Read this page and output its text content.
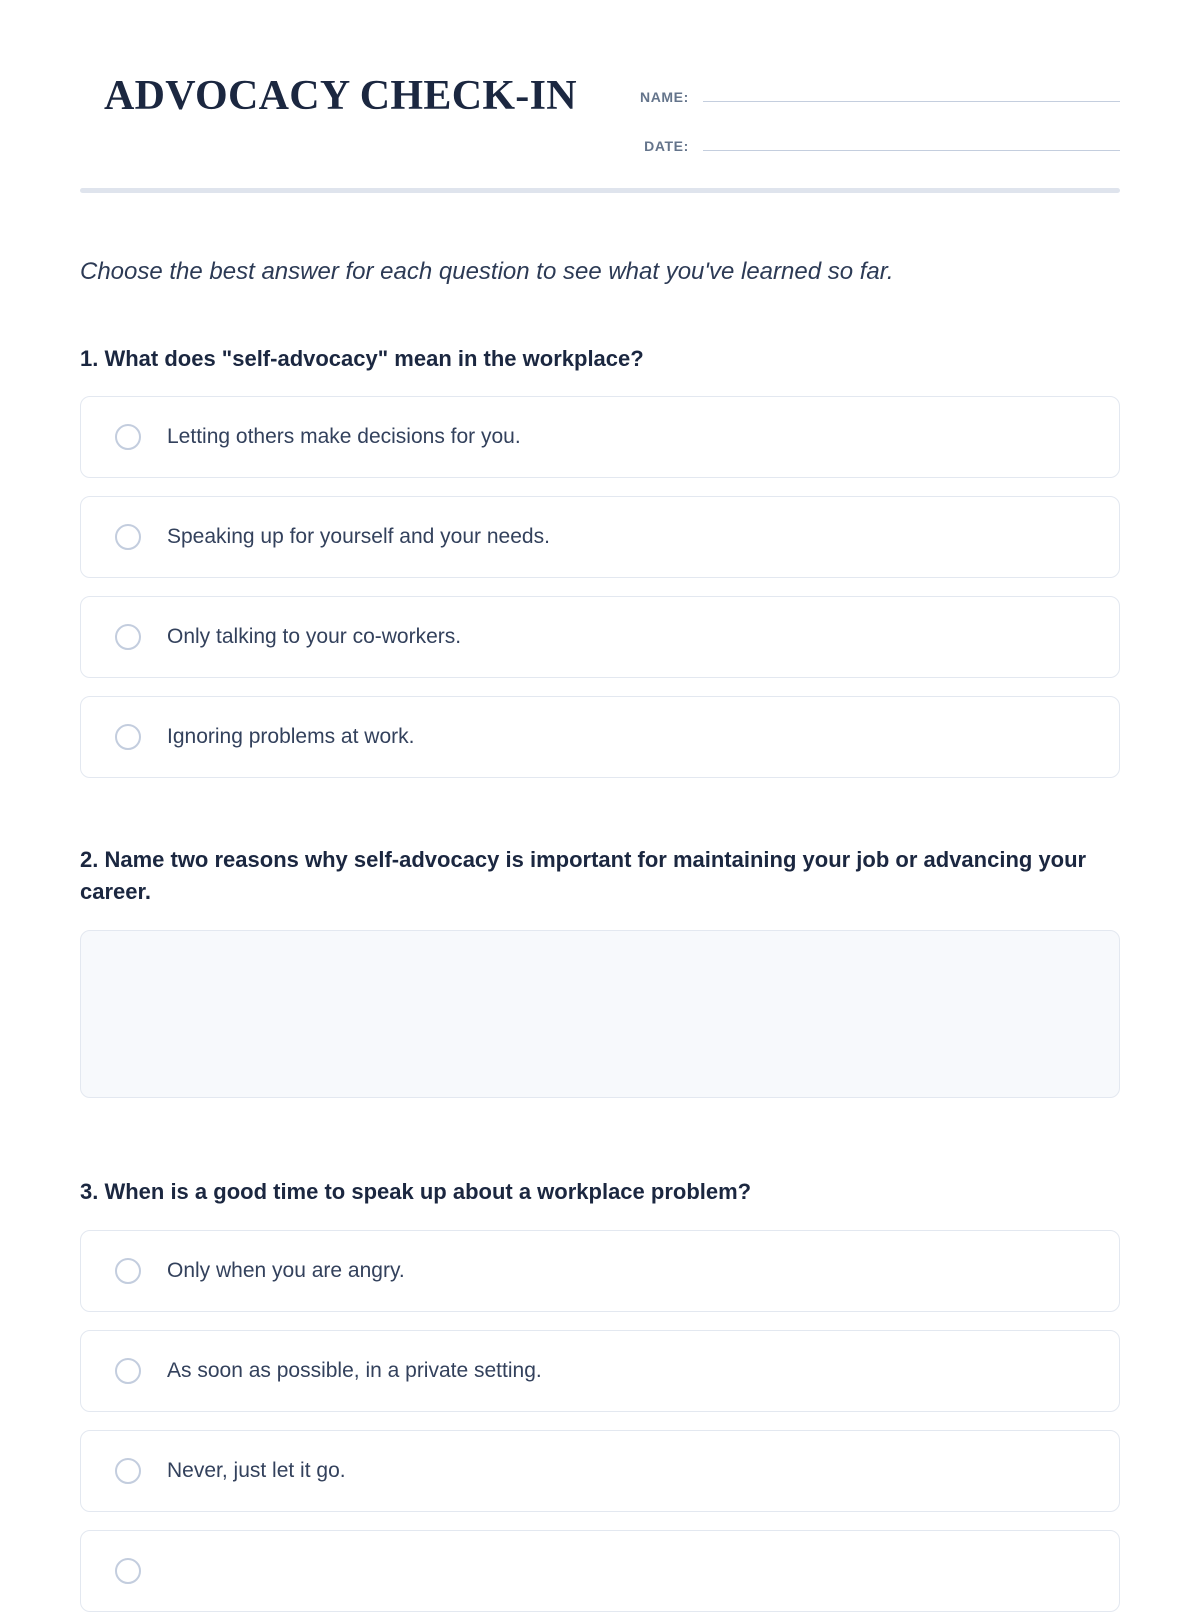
ADVOCACY CHECK-IN	NAME:
DATE:
Choose the best answer for each question to see what you've learned so far.

1. What does "self-advocacy" mean in the workplace?

Letting others make decisions for you.
Speaking up for yourself and your needs.
Only talking to your co-workers.
Ignoring problems at work.

2. Name two reasons why self-advocacy is important for maintaining your job or advancing your career.

3. When is a good time to speak up about a workplace problem?

Only when you are angry.
As soon as possible, in a private setting.
Never, just let it go.
